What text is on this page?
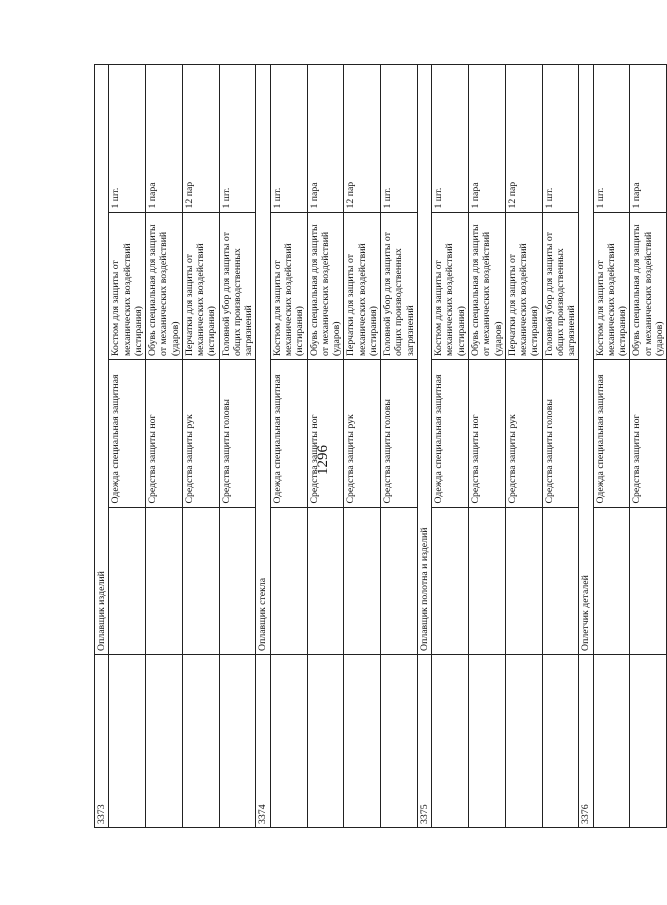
1296
3373	Оплавщик изделий			
		Одежда специальная защитная	Костюм для защиты от механических воздействий (истирания)	1 шт.
		Средства защиты ног	Обувь специальная для защиты от механических воздействий (ударов)	1 пара
		Средства защиты рук	Перчатки для защиты от механических воздействий (истирания)	12 пар
		Средства защиты головы	Головной убор для защиты от общих производственных загрязнений	1 шт.
3374	Оплавщик стекла			
		Одежда специальная защитная	Костюм для защиты от механических воздействий (истирания)	1 шт.
		Средства защиты ног	Обувь специальная для защиты от механических воздействий (ударов)	1 пара
		Средства защиты рук	Перчатки для защиты от механических воздействий (истирания)	12 пар
		Средства защиты головы	Головной убор для защиты от общих производственных загрязнений	1 шт.
3375	Оплавщик полотна и изделий			
		Одежда специальная защитная	Костюм для защиты от механических воздействий (истирания)	1 шт.
		Средства защиты ног	Обувь специальная для защиты от механических воздействий (ударов)	1 пара
		Средства защиты рук	Перчатки для защиты от механических воздействий (истирания)	12 пар
		Средства защиты головы	Головной убор для защиты от общих производственных загрязнений	1 шт.
3376	Оплетчик деталей			
		Одежда специальная защитная	Костюм для защиты от механических воздействий (истирания)	1 шт.
		Средства защиты ног	Обувь специальная для защиты от механических воздействий (ударов)	1 пара
